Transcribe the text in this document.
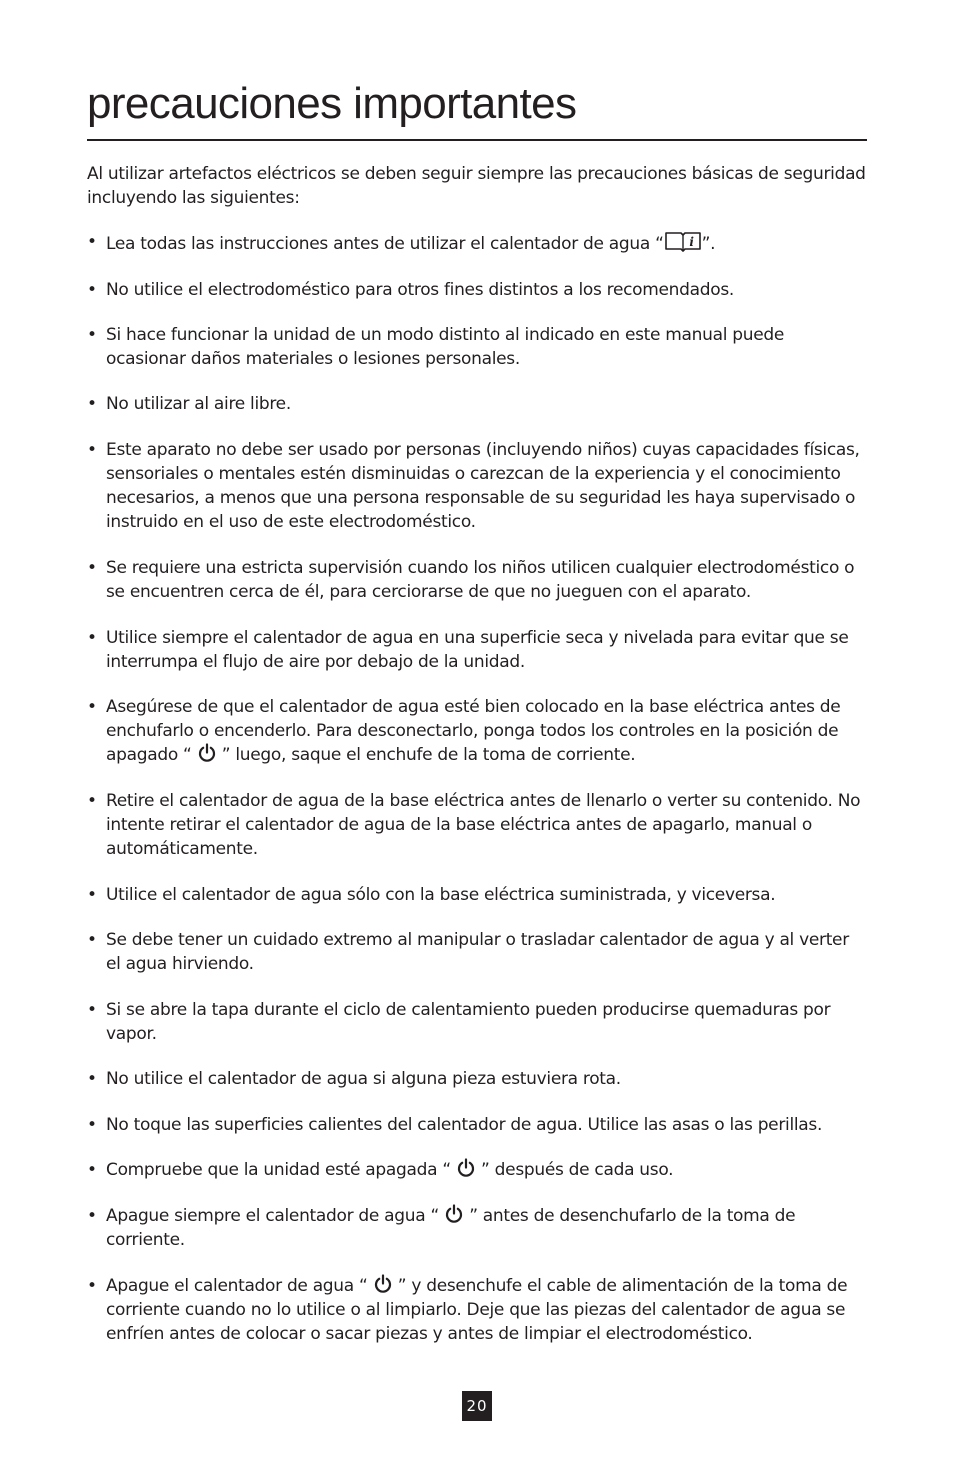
precauciones importantes

Al utilizar artefactos eléctricos se deben seguir siempre las precauciones básicas de seguridad incluyendo las siguientes:

• Lea todas las instrucciones antes de utilizar el calentador de agua “ i ”.
• No utilice el electrodoméstico para otros fines distintos a los recomendados.
• Si hace funcionar la unidad de un modo distinto al indicado en este manual puede ocasionar daños materiales o lesiones personales.
• No utilizar al aire libre.
• Este aparato no debe ser usado por personas (incluyendo niños) cuyas capacidades físicas, sensoriales o mentales estén disminuidas o carezcan de la experiencia y el conocimiento necesarios, a menos que una persona responsable de su seguridad les haya supervisado o instruido en el uso de este electrodoméstico.
• Se requiere una estricta supervisión cuando los niños utilicen cualquier electrodoméstico o se encuentren cerca de él, para cerciorarse de que no jueguen con el aparato.
• Utilice siempre el calentador de agua en una superficie seca y nivelada para evitar que se interrumpa el flujo de aire por debajo de la unidad.
• Asegúrese de que el calentador de agua esté bien colocado en la base eléctrica antes de enchufarlo o encenderlo. Para desconectarlo, ponga todos los controles en la posición de apagado “
” luego, saque el enchufe de la toma de corriente.
• Retire el calentador de agua de la base eléctrica antes de llenarlo o verter su contenido. No intente retirar el calentador de agua de la base eléctrica antes de apagarlo, manual o automáticamente.
• Utilice el calentador de agua sólo con la base eléctrica suministrada, y viceversa.
• Se debe tener un cuidado extremo al manipular o trasladar calentador de agua y al verter el agua hirviendo.
• Si se abre la tapa durante el ciclo de calentamiento pueden producirse quemaduras por vapor.
• No utilice el calentador de agua si alguna pieza estuviera rota.
• No toque las superficies calientes del calentador de agua. Utilice las asas o las perillas.
• Compruebe que la unidad esté apagada “
” después de cada uso.
• Apague siempre el calentador de agua “
” antes de desenchufarlo de la toma de corriente.
• Apague el calentador de agua “
” y desenchufe el cable de alimentación de la toma de corriente cuando no lo utilice o al limpiarlo. Deje que las piezas del calentador de agua se enfríen antes de colocar o sacar piezas y antes de limpiar el electrodoméstico.
20
